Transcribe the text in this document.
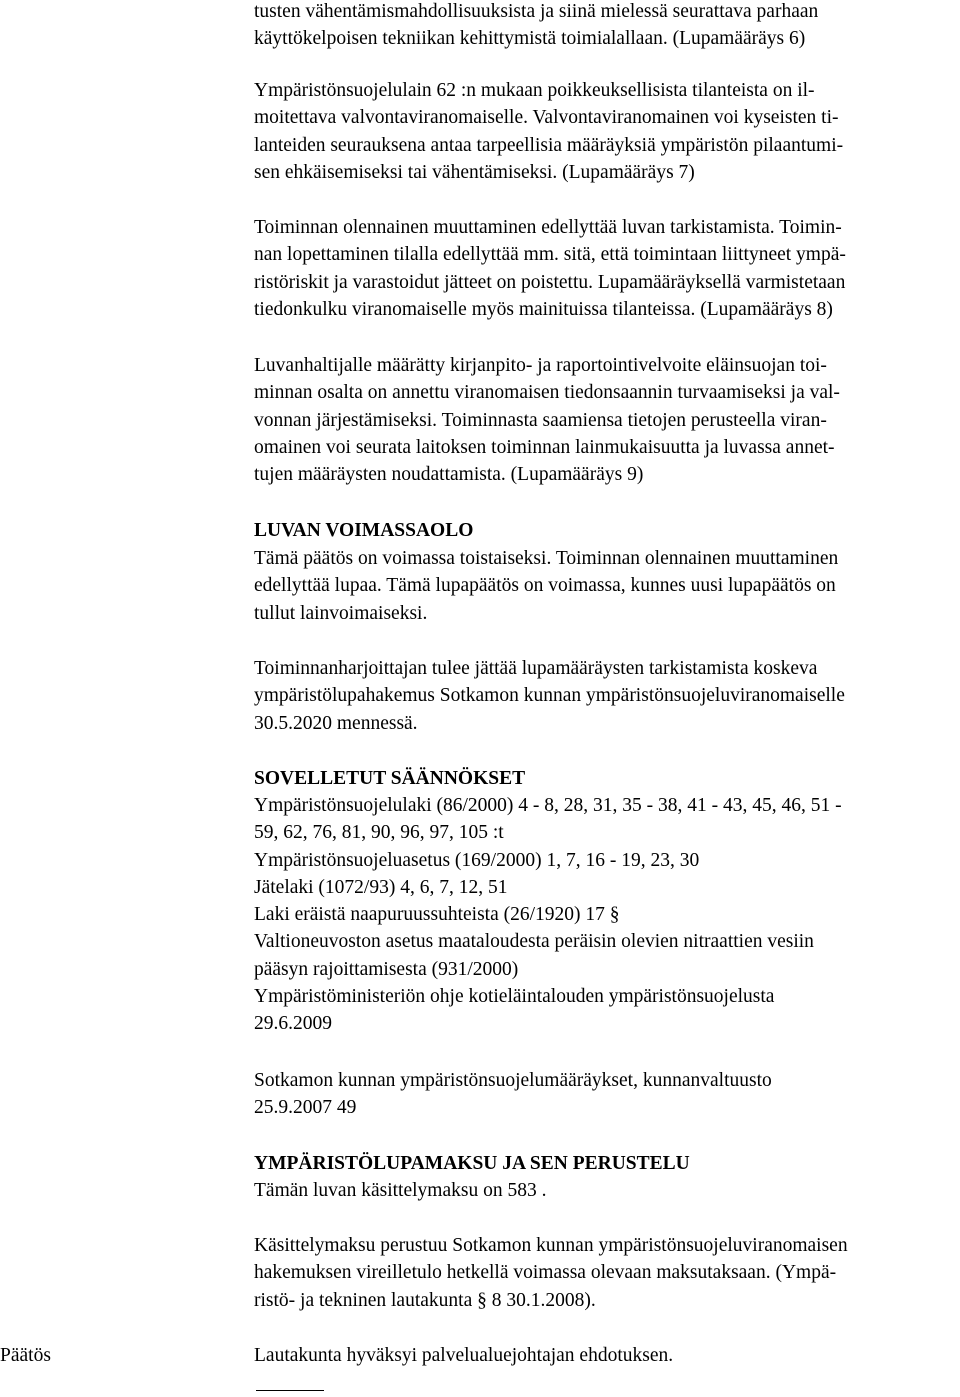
tusten vähentämismahdollisuuksista ja siinä mielessä seurattava parhaan
käyttökelpoisen tekniikan kehittymistä toimialallaan. (Lupamääräys 6)
Ympäristönsuojelulain 62 :n mukaan poikkeuksellisista tilanteista on il-
moitettava valvontaviranomaiselle. Valvontaviranomainen voi kyseisten ti-
lanteiden seurauksena antaa tarpeellisia määräyksiä ympäristön pilaantumi-
sen ehkäisemiseksi tai vähentämiseksi. (Lupamääräys 7)
Toiminnan olennainen muuttaminen edellyttää luvan tarkistamista. Toimin-
nan lopettaminen tilalla edellyttää mm. sitä, että toimintaan liittyneet ympä-
ristöriskit ja varastoidut jätteet on poistettu. Lupamääräyksellä varmistetaan
tiedonkulku viranomaiselle myös mainituissa tilanteissa. (Lupamääräys 8)
Luvanhaltijalle määrätty kirjanpito- ja raportointivelvoite eläinsuojan toi-
minnan osalta on annettu viranomaisen tiedonsaannin turvaamiseksi ja val-
vonnan järjestämiseksi. Toiminnasta saamiensa tietojen perusteella viran-
omainen voi seurata laitoksen toiminnan lainmukaisuutta ja luvassa annet-
tujen määräysten noudattamista. (Lupamääräys 9)
LUVAN VOIMASSAOLO
Tämä päätös on voimassa toistaiseksi. Toiminnan olennainen muuttaminen
edellyttää lupaa. Tämä lupapäätös on voimassa, kunnes uusi lupapäätös on
tullut lainvoimaiseksi.
Toiminnanharjoittajan tulee jättää lupamääräysten tarkistamista koskeva
ympäristölupahakemus Sotkamon kunnan ympäristönsuojeluviranomaiselle
30.5.2020 mennessä.
SOVELLETUT SÄÄNNÖKSET
Ympäristönsuojelulaki (86/2000) 4 - 8, 28, 31, 35 - 38, 41 - 43, 45, 46, 51 -
59, 62, 76, 81, 90, 96, 97, 105 :t
Ympäristönsuojeluasetus (169/2000) 1, 7, 16 - 19, 23, 30
Jätelaki (1072/93) 4, 6, 7, 12, 51
Laki eräistä naapuruussuhteista (26/1920) 17 §
Valtioneuvoston asetus maataloudesta peräisin olevien nitraattien vesiin
pääsyn rajoittamisesta (931/2000)
Ympäristöministeriön ohje kotieläintalouden ympäristönsuojelusta
29.6.2009
Sotkamon kunnan ympäristönsuojelumääräykset, kunnanvaltuusto
25.9.2007 49
YMPÄRISTÖLUPAMAKSU JA SEN PERUSTELU
Tämän luvan käsittelymaksu on 583 .
Käsittelymaksu perustuu Sotkamon kunnan ympäristönsuojeluviranomaisen
hakemuksen vireilletulo hetkellä voimassa olevaan maksutaksaan. (Ympä-
ristö- ja tekninen lautakunta § 8 30.1.2008).
Lautakunta hyväksyi palvelualuejohtajan ehdotuksen.
Päätös
